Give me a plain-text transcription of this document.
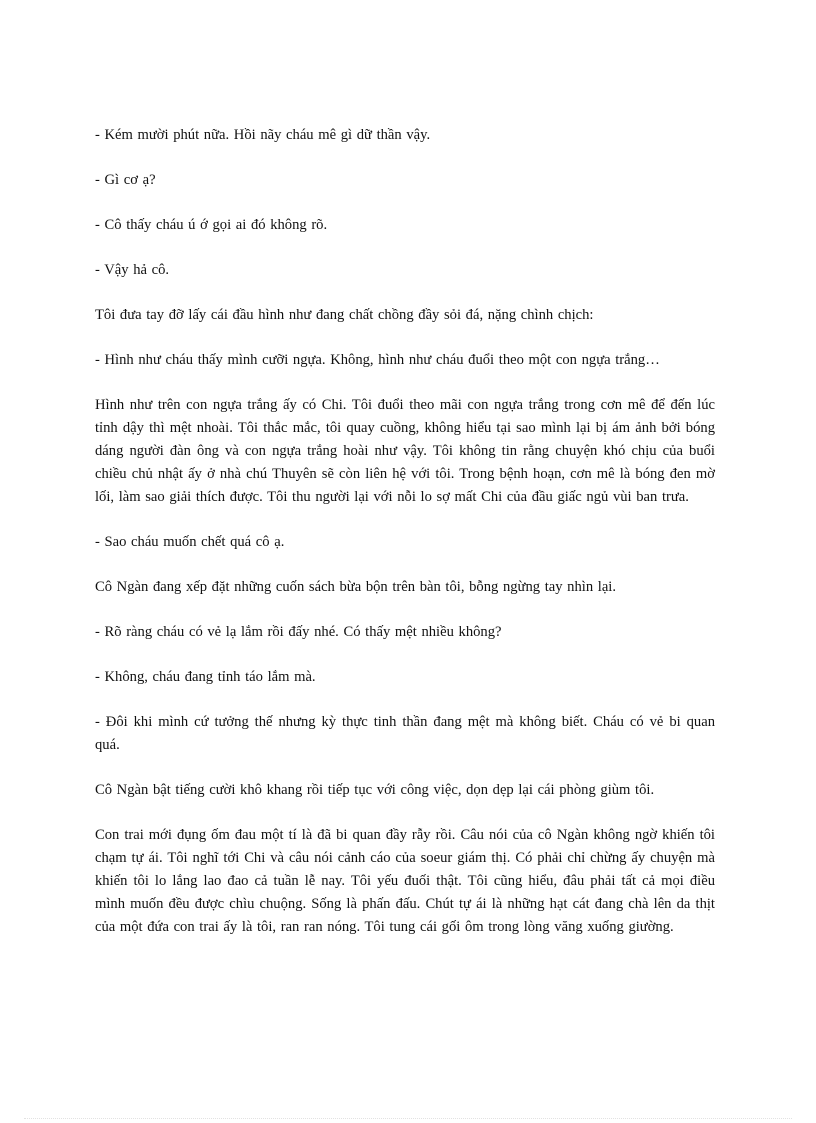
- Kém mười phút nữa. Hồi nãy cháu mê gì dữ thần vậy.

- Gì cơ ạ?

- Cô thấy cháu ú ớ gọi ai đó không rõ.

- Vậy hả cô.

Tôi đưa tay đỡ lấy cái đầu hình như đang chất chồng đầy sỏi đá, nặng chình chịch:

- Hình như cháu thấy mình cưỡi ngựa. Không, hình như cháu đuổi theo một con ngựa trắng…

Hình như trên con ngựa trắng ấy có Chi. Tôi đuổi theo mãi con ngựa trắng trong cơn mê để đến lúc tỉnh dậy thì mệt nhoài. Tôi thắc mắc, tôi quay cuồng, không hiểu tại sao mình lại bị ám ảnh bởi bóng dáng người đàn ông và con ngựa trắng hoài như vậy. Tôi không tin rằng chuyện khó chịu của buổi chiều chủ nhật ấy ở nhà chú Thuyên sẽ còn liên hệ với tôi. Trong bệnh hoạn, cơn mê là bóng đen mờ lối, làm sao giải thích được. Tôi thu người lại với nỗi lo sợ mất Chi của đầu giấc ngủ vùi ban trưa.

- Sao cháu muốn chết quá cô ạ.

Cô Ngàn đang xếp đặt những cuốn sách bừa bộn trên bàn tôi, bỗng ngừng tay nhìn lại.

- Rõ ràng cháu có vẻ lạ lắm rồi đấy nhé. Có thấy mệt nhiều không?

- Không, cháu đang tỉnh táo lắm mà.

- Đôi khi mình cứ tưởng thế nhưng kỳ thực tinh thần đang mệt mà không biết. Cháu có vẻ bi quan quá.

Cô Ngàn bật tiếng cười khô khang rồi tiếp tục với công việc, dọn dẹp lại cái phòng giùm tôi.

Con trai mới đụng ốm đau một tí là đã bi quan đầy rẫy rồi. Câu nói của cô Ngàn không ngờ khiến tôi chạm tự ái. Tôi nghĩ tới Chi và câu nói cảnh cáo của soeur giám thị. Có phải chỉ chừng ấy chuyện mà khiến tôi lo lắng lao đao cả tuần lễ nay. Tôi yếu đuối thật. Tôi cũng hiểu, đâu phải tất cả mọi điều mình muốn đều được chìu chuộng. Sống là phấn đấu. Chút tự ái là những hạt cát đang chà lên da thịt của một đứa con trai ấy là tôi, ran ran nóng. Tôi tung cái gối ôm trong lòng văng xuống giường.
